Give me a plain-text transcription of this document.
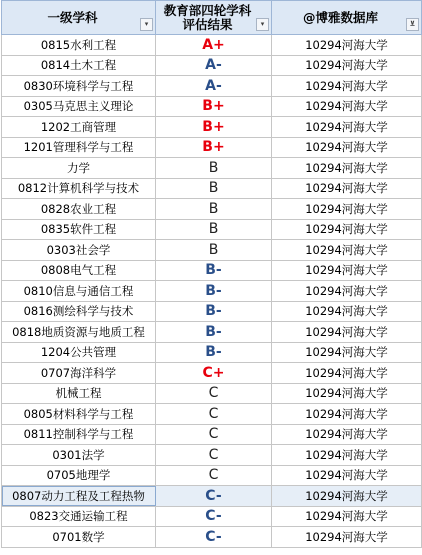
一级学科 ▾	教育部四轮学科
评估结果 ▾	@博雅数据库 ⊻

0815水利工程	A+	10294河海大学
0814土木工程	A-	10294河海大学
0830环境科学与工程	A-	10294河海大学
0305马克思主义理论	B+	10294河海大学
1202工商管理	B+	10294河海大学
1201管理科学与工程	B+	10294河海大学
力学	B	10294河海大学
0812计算机科学与技术	B	10294河海大学
0828农业工程	B	10294河海大学
0835软件工程	B	10294河海大学
0303社会学	B	10294河海大学
0808电气工程	B-	10294河海大学
0810信息与通信工程	B-	10294河海大学
0816测绘科学与技术	B-	10294河海大学
0818地质资源与地质工程	B-	10294河海大学
1204公共管理	B-	10294河海大学
0707海洋科学	C+	10294河海大学
机械工程	C	10294河海大学
0805材料科学与工程	C	10294河海大学
0811控制科学与工程	C	10294河海大学
0301法学	C	10294河海大学
0705地理学	C	10294河海大学
0807动力工程及工程热物	C-	10294河海大学
0823交通运输工程	C-	10294河海大学
0701数学	C-	10294河海大学
